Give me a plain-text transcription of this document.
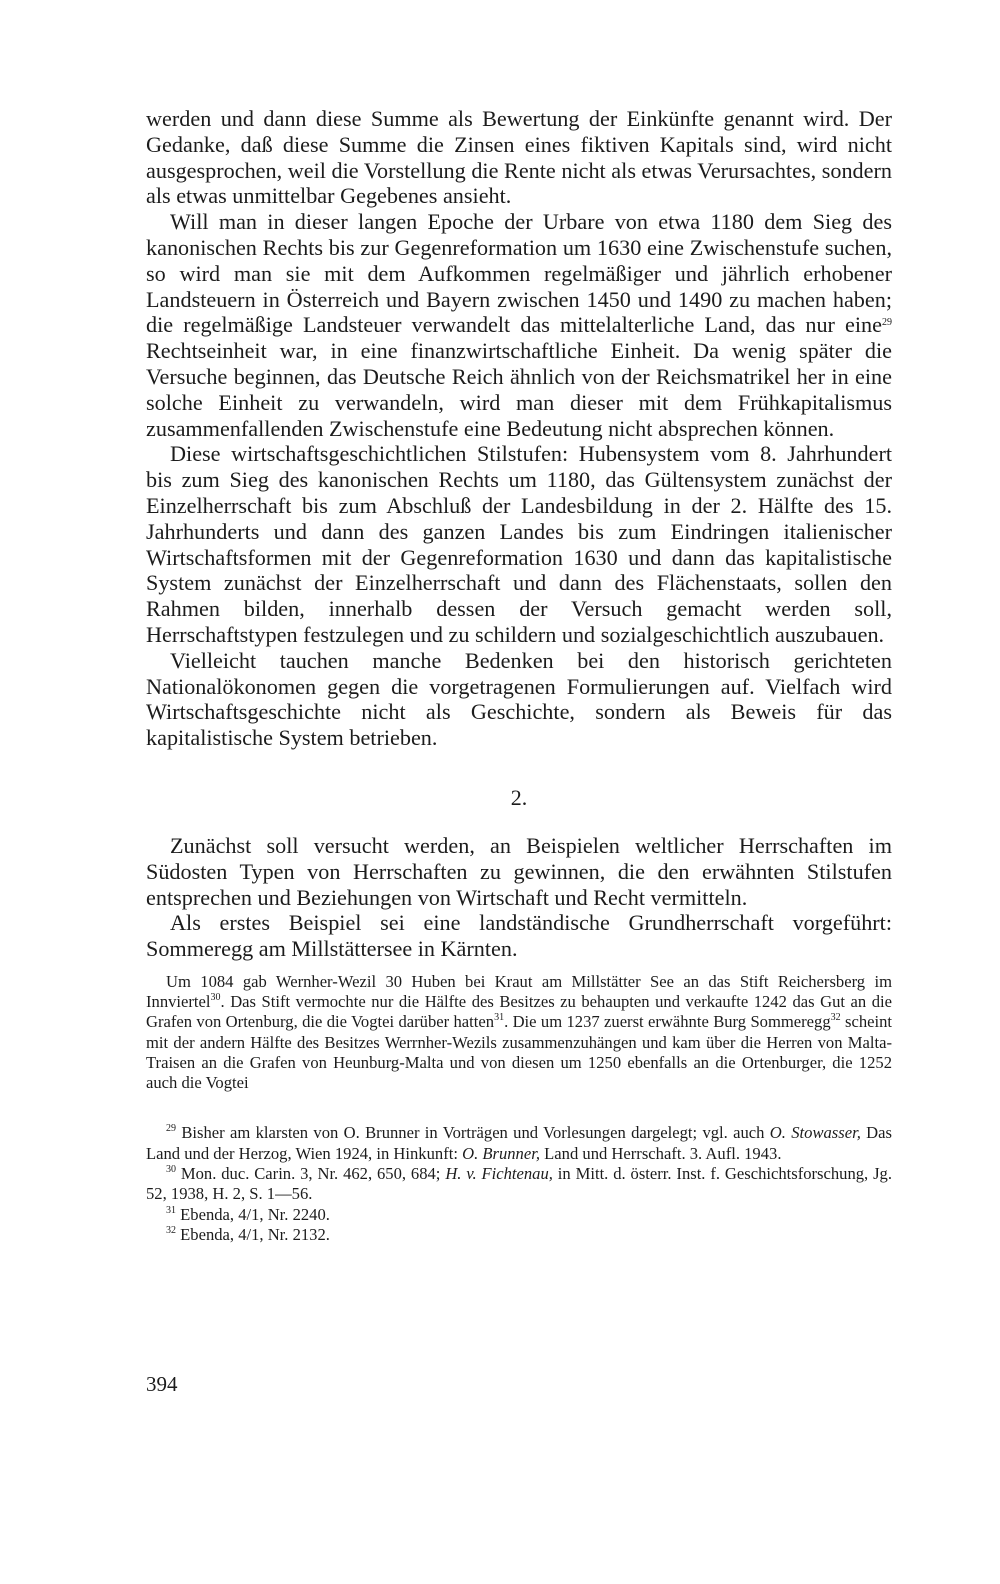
werden und dann diese Summe als Bewertung der Einkünfte genannt wird. Der Gedanke, daß diese Summe die Zinsen eines fiktiven Kapitals sind, wird nicht ausgesprochen, weil die Vorstellung die Rente nicht als etwas Verursachtes, sondern als etwas unmittelbar Gegebenes ansieht.

Will man in dieser langen Epoche der Urbare von etwa 1180 dem Sieg des kanonischen Rechts bis zur Gegenreformation um 1630 eine Zwischenstufe suchen, so wird man sie mit dem Aufkommen regelmäßiger und jährlich erhobener Landsteuern in Österreich und Bayern zwischen 1450 und 1490 zu machen haben; die regelmäßige Landsteuer verwandelt das mittelalterliche Land, das nur eine$^{29}$ Rechtseinheit war, in eine finanzwirtschaftliche Einheit. Da wenig später die Versuche beginnen, das Deutsche Reich ähnlich von der Reichsmatrikel her in eine solche Einheit zu verwandeln, wird man dieser mit dem Frühkapitalismus zusammenfallenden Zwischenstufe eine Bedeutung nicht absprechen können.

Diese wirtschaftsgeschichtlichen Stilstufen: Hubensystem vom 8. Jahrhundert bis zum Sieg des kanonischen Rechts um 1180, das Gültensystem zunächst der Einzelherrschaft bis zum Abschluß der Landesbildung in der 2. Hälfte des 15. Jahrhunderts und dann des ganzen Landes bis zum Eindringen italienischer Wirtschaftsformen mit der Gegenreformation 1630 und dann das kapitalistische System zunächst der Einzelherrschaft und dann des Flächenstaats, sollen den Rahmen bilden, innerhalb dessen der Versuch gemacht werden soll, Herrschaftstypen festzulegen und zu schildern und sozialgeschichtlich auszubauen.

Vielleicht tauchen manche Bedenken bei den historisch gerichteten Nationalökonomen gegen die vorgetragenen Formulierungen auf. Vielfach wird Wirtschaftsgeschichte nicht als Geschichte, sondern als Beweis für das kapitalistische System betrieben.

2.

Zunächst soll versucht werden, an Beispielen weltlicher Herrschaften im Südosten Typen von Herrschaften zu gewinnen, die den erwähnten Stilstufen entsprechen und Beziehungen von Wirtschaft und Recht vermitteln.

Als erstes Beispiel sei eine landständische Grundherrschaft vorgeführt: Sommeregg am Millstättersee in Kärnten.

Um 1084 gab Wernher-Wezil 30 Huben bei Kraut am Millstätter See an das Stift Reichersberg im Innviertel$^{30}$. Das Stift vermochte nur die Hälfte des Besitzes zu behaupten und verkaufte 1242 das Gut an die Grafen von Ortenburg, die die Vogtei darüber hatten$^{31}$. Die um 1237 zuerst erwähnte Burg Sommeregg$^{32}$ scheint mit der andern Hälfte des Besitzes Werrnher-Wezils zusammenzuhängen und kam über die Herren von Malta-Traisen an die Grafen von Heunburg-Malta und von diesen um 1250 ebenfalls an die Ortenburger, die 1252 auch die Vogtei

$^{29}$ Bisher am klarsten von O. Brunner in Vorträgen und Vorlesungen dargelegt; vgl. auch O. Stowasser, Das Land und der Herzog, Wien 1924, in Hinkunft: O. Brunner, Land und Herrschaft. 3. Aufl. 1943.

$^{30}$ Mon. duc. Carin. 3, Nr. 462, 650, 684; H. v. Fichtenau, in Mitt. d. österr. Inst. f. Geschichtsforschung, Jg. 52, 1938, H. 2, S. 1—56.

$^{31}$ Ebenda, 4/1, Nr. 2240.

$^{32}$ Ebenda, 4/1, Nr. 2132.

394
